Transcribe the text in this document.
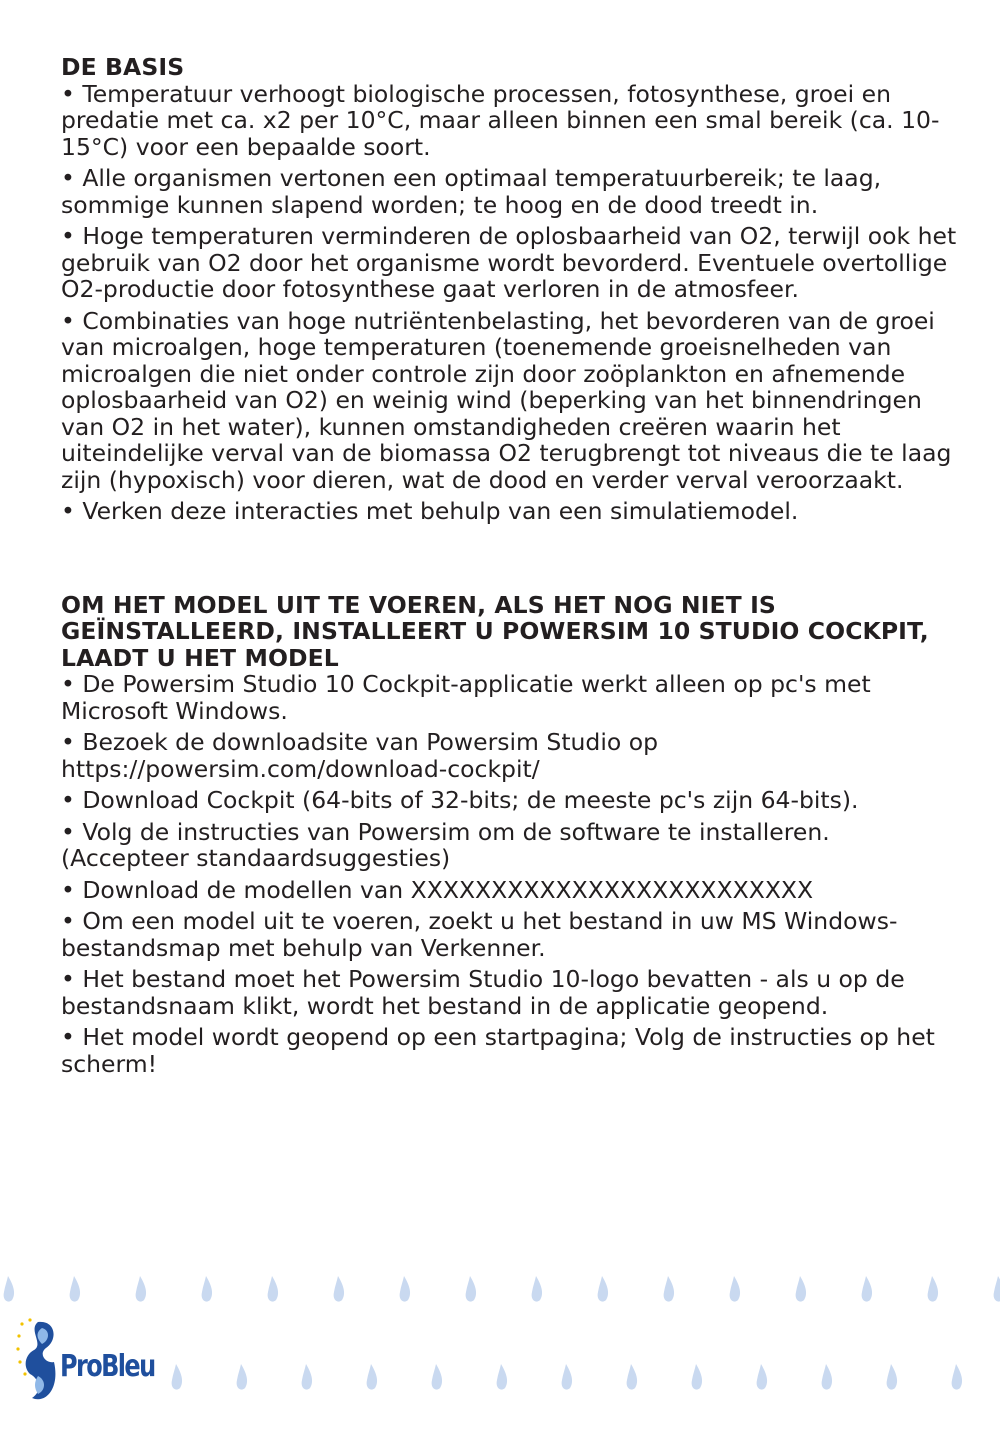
DE BASIS

• Temperatuur verhoogt biologische processen, fotosynthese, groei en predatie met ca. x2 per 10°C, maar alleen binnen een smal bereik (ca. 10-15°C) voor een bepaalde soort.

• Alle organismen vertonen een optimaal temperatuurbereik; te laag, sommige kunnen slapend worden; te hoog en de dood treedt in.

• Hoge temperaturen verminderen de oplosbaarheid van O2, terwijl ook het gebruik van O2 door het organisme wordt bevorderd. Eventuele overtollige O2-productie door fotosynthese gaat verloren in de atmosfeer.

• Combinaties van hoge nutriëntenbelasting, het bevorderen van de groei van microalgen, hoge temperaturen (toenemende groeisnelheden van microalgen die niet onder controle zijn door zoöplankton en afnemende oplosbaarheid van O2) en weinig wind (beperking van het binnendringen van O2 in het water), kunnen omstandigheden creëren waarin het uiteindelijke verval van de biomassa O2 terugbrengt tot niveaus die te laag zijn (hypoxisch) voor dieren, wat de dood en verder verval veroorzaakt.

• Verken deze interacties met behulp van een simulatiemodel.

OM HET MODEL UIT TE VOEREN, ALS HET NOG NIET IS GEÏNSTALLEERD, INSTALLEERT U POWERSIM 10 STUDIO COCKPIT, LAADT U HET MODEL

• De Powersim Studio 10 Cockpit-applicatie werkt alleen op pc's met Microsoft Windows.

• Bezoek de downloadsite van Powersim Studio op https://powersim.com/download-cockpit/

• Download Cockpit (64-bits of 32-bits; de meeste pc's zijn 64-bits).

• Volg de instructies van Powersim om de software te installeren. (Accepteer standaardsuggesties)

• Download de modellen van XXXXXXXXXXXXXXXXXXXXXXXXX

• Om een model uit te voeren, zoekt u het bestand in uw MS Windows-bestandsmap met behulp van Verkenner.

• Het bestand moet het Powersim Studio 10-logo bevatten - als u op de bestandsnaam klikt, wordt het bestand in de applicatie geopend.

• Het model wordt geopend op een startpagina; Volg de instructies op het scherm!

ProBleu
